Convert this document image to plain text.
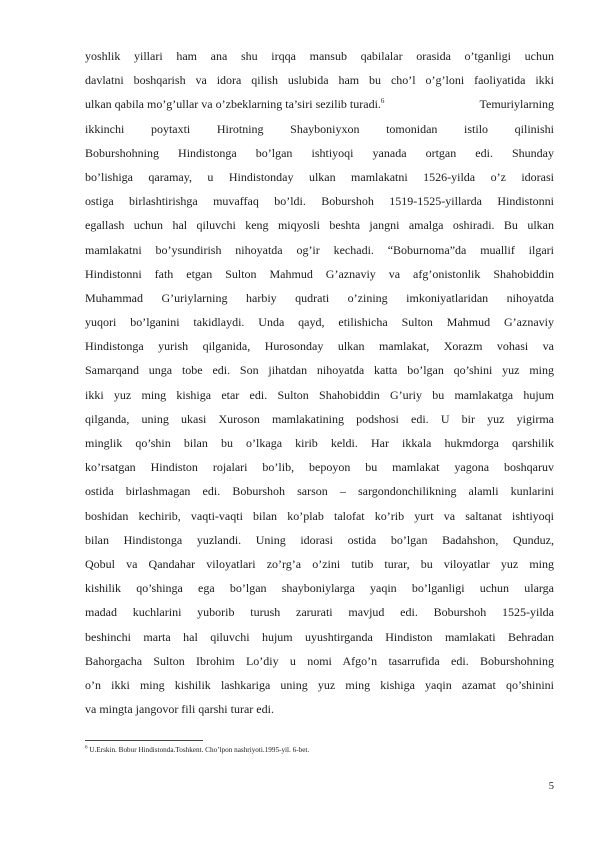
yoshlik yillari ham ana shu irqqa mansub qabilalar orasida o’tganligi uchun
davlatni boshqarish va idora qilish uslubida ham bu cho’l o’g’loni faoliyatida ikki
ulkan qabila mo’g’ullar va o’zbeklarning ta’siri sezilib turadi.$^6$	Temuriylarning
ikkinchi poytaxti Hirotning Shayboniyxon tomonidan istilo qilinishi
Boburshohning Hindistonga bo’lgan ishtiyoqi yanada ortgan edi. Shunday
bo’lishiga qaramay, u Hindistonday ulkan mamlakatni 1526-yilda o’z idorasi
ostiga birlashtirishga muvaffaq bo’ldi. Boburshoh 1519-1525-yillarda Hindistonni
egallash uchun hal qiluvchi keng miqyosli beshta jangni amalga oshiradi. Bu ulkan
mamlakatni bo’ysundirish nihoyatda og’ir kechadi. “Boburnoma”da muallif ilgari
Hindistonni fath etgan Sulton Mahmud G’aznaviy va afg’onistonlik Shahobiddin
Muhammad G’uriylarning harbiy qudrati o’zining imkoniyatlaridan nihoyatda
yuqori bo’lganini takidlaydi. Unda qayd, etilishicha Sulton Mahmud G’aznaviy
Hindistonga yurish qilganida, Hurosonday ulkan mamlakat, Xorazm vohasi va
Samarqand unga tobe edi. Son jihatdan nihoyatda katta bo’lgan qo’shini yuz ming
ikki yuz ming kishiga etar edi. Sulton Shahobiddin G’uriy bu mamlakatga hujum
qilganda, uning ukasi Xuroson mamlakatining podshosi edi. U bir yuz yigirma
minglik qo’shin bilan bu o’lkaga kirib keldi. Har ikkala hukmdorga qarshilik
ko’rsatgan Hindiston rojalari bo’lib, bepoyon bu mamlakat yagona boshqaruv
ostida birlashmagan edi. Boburshoh sarson – sargondonchilikning alamli kunlarini
boshidan kechirib, vaqti-vaqti bilan ko’plab talofat ko’rib yurt va saltanat ishtiyoqi
bilan Hindistonga yuzlandi. Uning idorasi ostida bo’lgan Badahshon, Qunduz,
Qobul va Qandahar viloyatlari zo’rg’a o’zini tutib turar, bu viloyatlar yuz ming
kishilik qo’shinga ega bo’lgan shayboniylarga yaqin bo’lganligi uchun ularga
madad kuchlarini yuborib turush zarurati mavjud edi. Boburshoh 1525-yilda
beshinchi marta hal qiluvchi hujum uyushtirganda Hindiston mamlakati Behradan
Bahorgacha Sulton Ibrohim Lo’diy u nomi Afgo’n tasarrufida edi. Boburshohning
o’n ikki ming kishilik lashkariga uning yuz ming kishiga yaqin azamat qo’shinini
va mingta jangovor fili qarshi turar edi.
$^6$ U.Erskin. Bobur Hindistonda.Toshkent. Cho’lpon nashriyoti.1995-yil. 6-bet.
5
